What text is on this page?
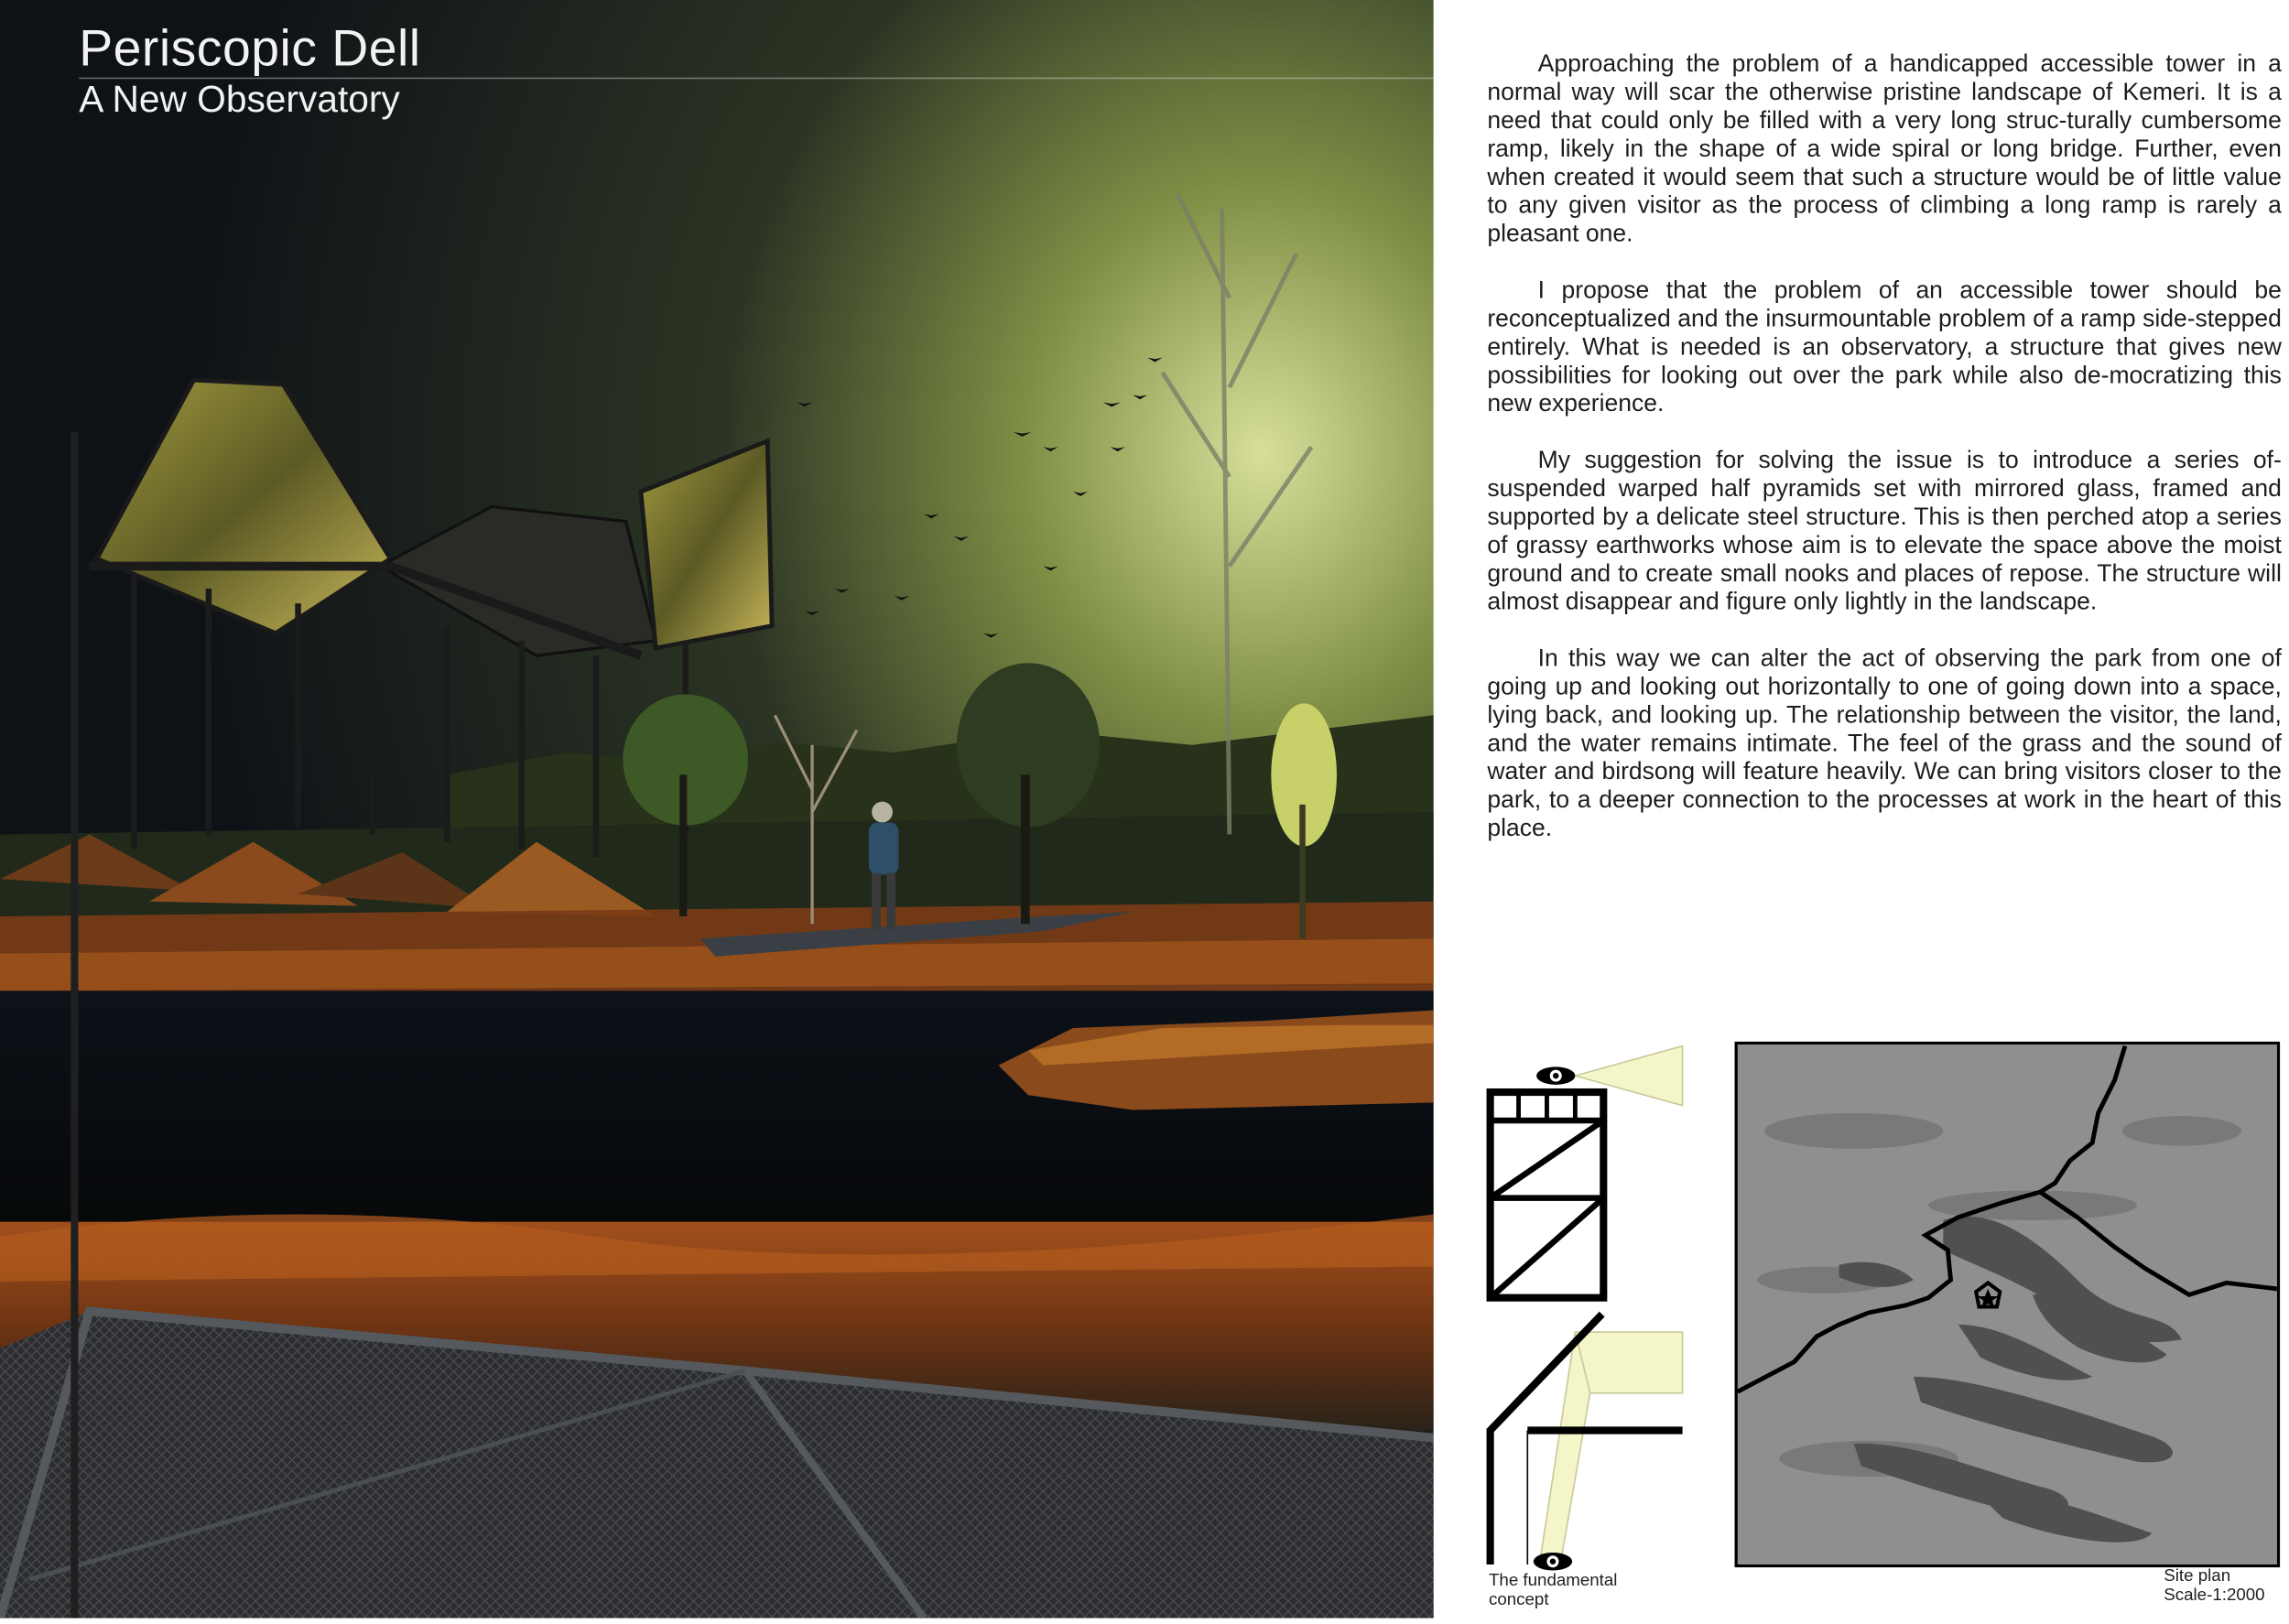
Periscopic Dell
A New Observatory

Approaching the problem of a handicapped accessible tower in a normal way will scar the otherwise pristine landscape of Kemeri. It is a need that could only be filled with a very long struc-turally cumbersome ramp, likely in the shape of a wide spiral or long bridge. Further, even when created it would seem that such a structure would be of little value to any given visitor as the process of climbing a long ramp is rarely a pleasant one.

I propose that the problem of an accessible tower should be reconceptualized and the insurmountable problem of a ramp side-stepped entirely. What is needed is an observatory, a structure that gives new possibilities for looking out over the park while also de-mocratizing this new experience.

My suggestion for solving the issue is to introduce a series of-suspended warped half pyramids set with mirrored glass, framed and supported by a delicate steel structure. This is then perched atop a series of grassy earthworks whose aim is to elevate the space above the moist ground and to create small nooks and places of repose. The structure will almost disappear and figure only lightly in the landscape.

In this way we can alter the act of observing the park from one of going up and looking out horizontally to one of going down into a space, lying back, and looking up. The relationship between the visitor, the land, and the water remains intimate. The feel of the grass and the sound of water and birdsong will feature heavily. We can bring visitors closer to the park, to a deeper connection to the processes at work in the heart of this place.

The fundamental
concept
Site plan
Scale-1:2000
